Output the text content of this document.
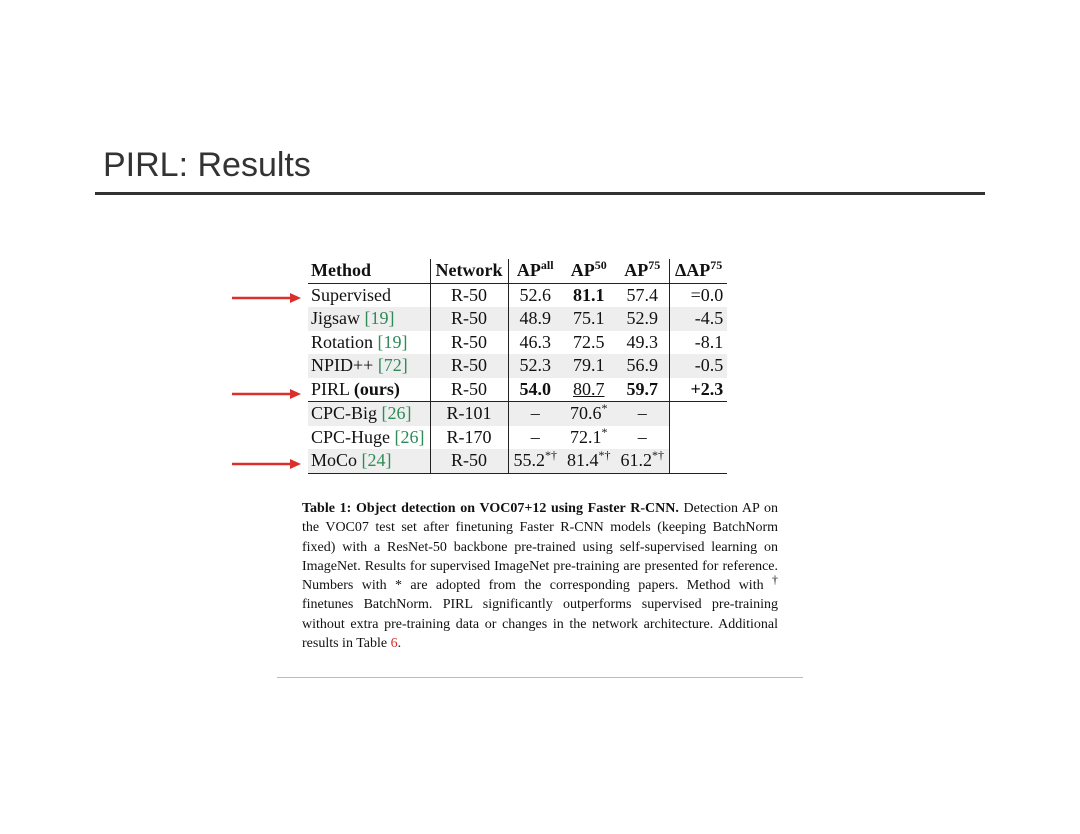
PIRL: Results
Method	Network	$AP^{all}$	AP$^{50}$	AP$^{75}$	ΔAP$^{75}$
Supervised	R-50	52.6	81.1	57.4	=0.0
Jigsaw [19]	R-50	48.9	75.1	52.9	-4.5
Rotation [19]	R-50	46.3	72.5	49.3	-8.1
NPID++ [72]	R-50	52.3	79.1	56.9	-0.5
PIRL (ours)	R-50	54.0	80.7	59.7	+2.3
CPC-Big [26]	R-101	–	70.6*	–	
CPC-Huge [26]	R-170	–	72.1*	–	
MoCo [24]	R-50	55.2*†	81.4*†	61.2*†	
Table 1: Object detection on VOC07+12 using Faster R-CNN. Detection AP on the VOC07 test set after finetuning Faster R-CNN models (keeping BatchNorm fixed) with a ResNet-50 backbone pre-trained using self-supervised learning on ImageNet. Results for supervised ImageNet pre-training are presented for reference. Numbers with * are adopted from the corresponding papers. Method with † finetunes BatchNorm. PIRL significantly outperforms supervised pre-training without extra pre-training data or changes in the network architecture. Additional results in Table 6.
